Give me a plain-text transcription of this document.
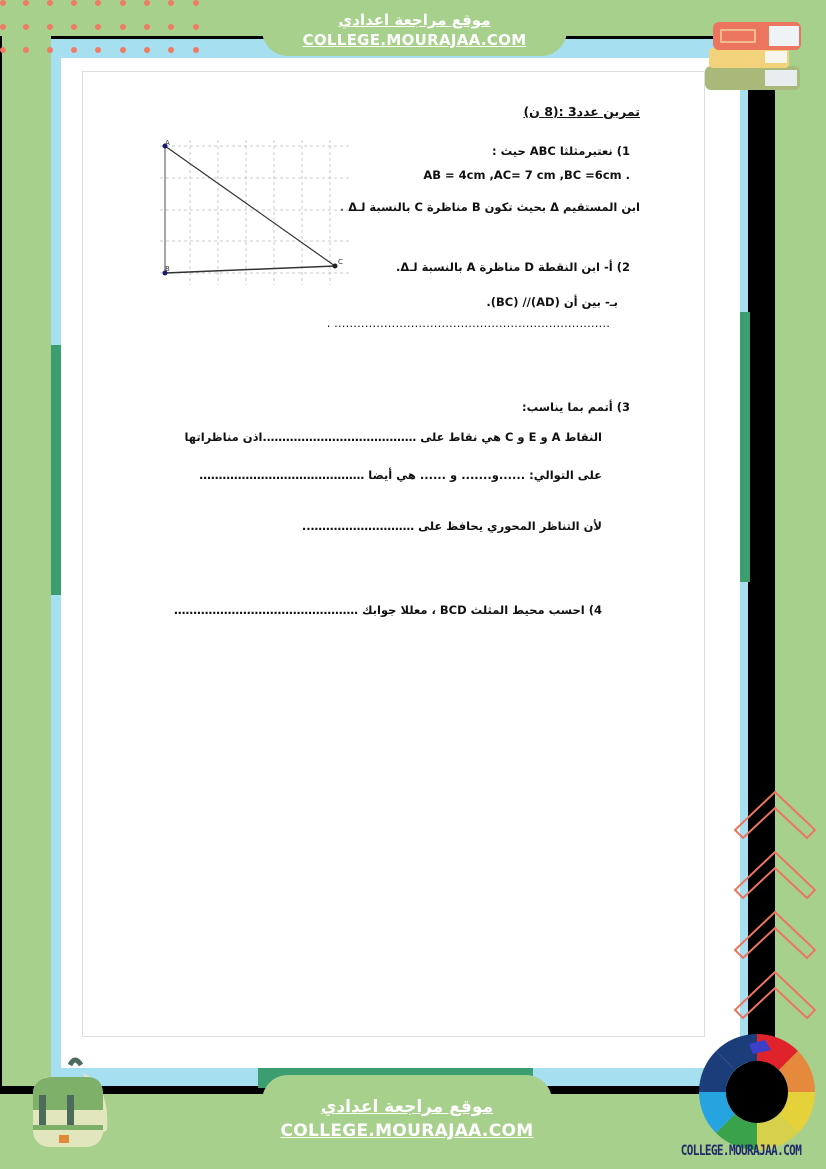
موقع مراجعة اعدادي
COLLEGE.MOURAJAA.COM
تمرين عدد3 :(8 ن)
1) نعتبرمثلثا ABC حيث :
AB = 4cm ,AC= 7 cm ,BC =6cm .
ابن المستقيم Δ بحيث تكون B مناظرة C بالنسبة لـΔ .
2) أ- ابن النقطة D مناظرة A بالنسبة لـΔ.
بـ- بين أن (AD)// (BC).
……………………………………………………………… .
3) أتمم بما يناسب:
النقاط A و E و C هي نقاط على ………………………………….اذن مناظراتها
على التوالي: ......و....... و ...... هي أيضا …………………………………….
لأن التناظر المحوري يحافظ على ………………………..
4) احسب محيط المثلث BCD ، معللا جوابك …………………………………………
A
B
C
COLLEGE.MOURAJAA.COM
موقع مراجعة اعدادي
COLLEGE.MOURAJAA.COM
